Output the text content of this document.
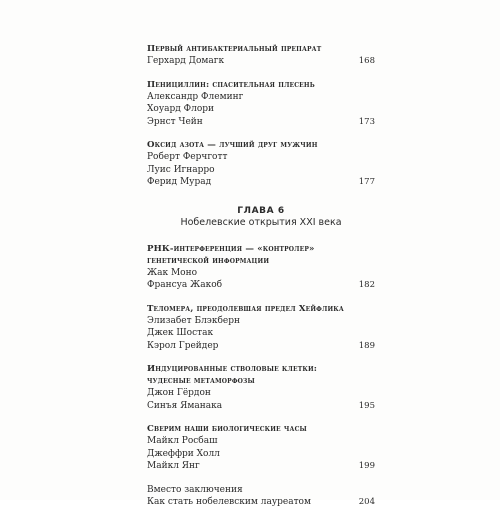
Первый антибактериальный препарат
Герхард Домагк	168
Пенициллин: спасительная плесень
Александр Флеминг
Хоуард Флори
Эрнст Чейн	173
Оксид азота — лучший друг мужчин
Роберт Ферчготт
Луис Игнарро
Ферид Мурад	177
ГЛАВА 6
Нобелевские открытия XXI века
РНК-интерференция — «контролер»
генетической информации
Жак Моно
Франсуа Жакоб	182
Теломера, преодолевшая предел Хейфлика
Элизабет Блэкберн
Джек Шостак
Кэрол Грейдер	189
Индуцированные стволовые клетки:
чудесные метаморфозы
Джон Гёрдон
Синъя Яманака	195
Сверим наши биологические часы
Майкл Росбаш
Джеффри Холл
Майкл Янг	199
Вместо заключения
Как стать нобелевским лауреатом	204
